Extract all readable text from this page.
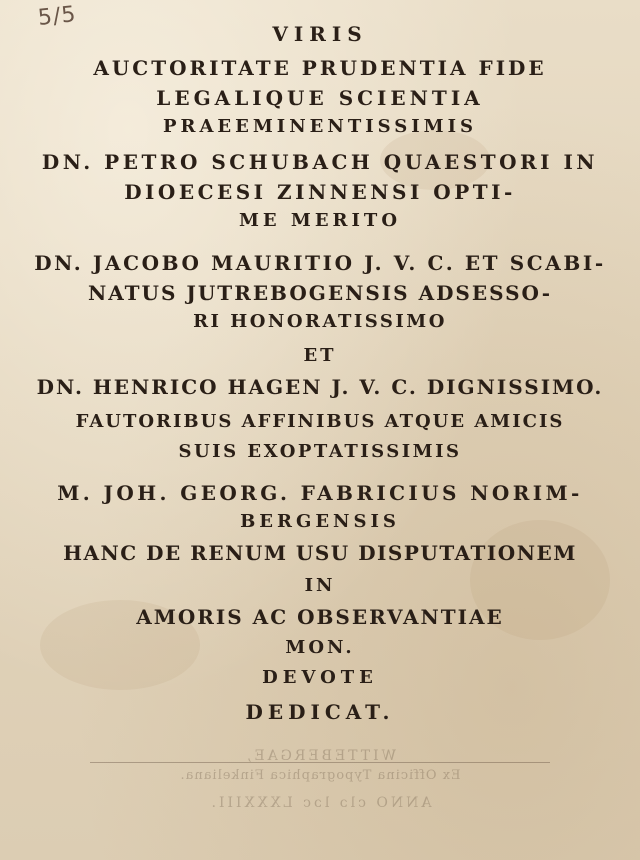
5/5
WITTEBERGAE,
Ex Officina Typographica Finkeliana.
ANNO clɔ lɔc LXXXIII.
VIRIS
AUCTORITATE PRUDENTIA FIDE
LEGALIQUE SCIENTIA
PRAEEMINENTISSIMIS
DN. PETRO SCHUBACH QUAESTORI IN
DIOECESI ZINNENSI OPTI-
ME MERITO
DN. JACOBO MAURITIO J. V. C. ET SCABI-
NATUS JUTREBOGENSIS ADSESSO-
RI HONORATISSIMO
ET
DN. HENRICO HAGEN J. V. C. DIGNISSIMO.
FAUTORIBUS AFFINIBUS ATQUE AMICIS
SUIS EXOPTATISSIMIS
M. JOH. GEORG. FABRICIUS NORIM-
BERGENSIS
HANC DE RENUM USU DISPUTATIONEM
IN
AMORIS AC OBSERVANTIAE
MON.
DEVOTE
DEDICAT.
